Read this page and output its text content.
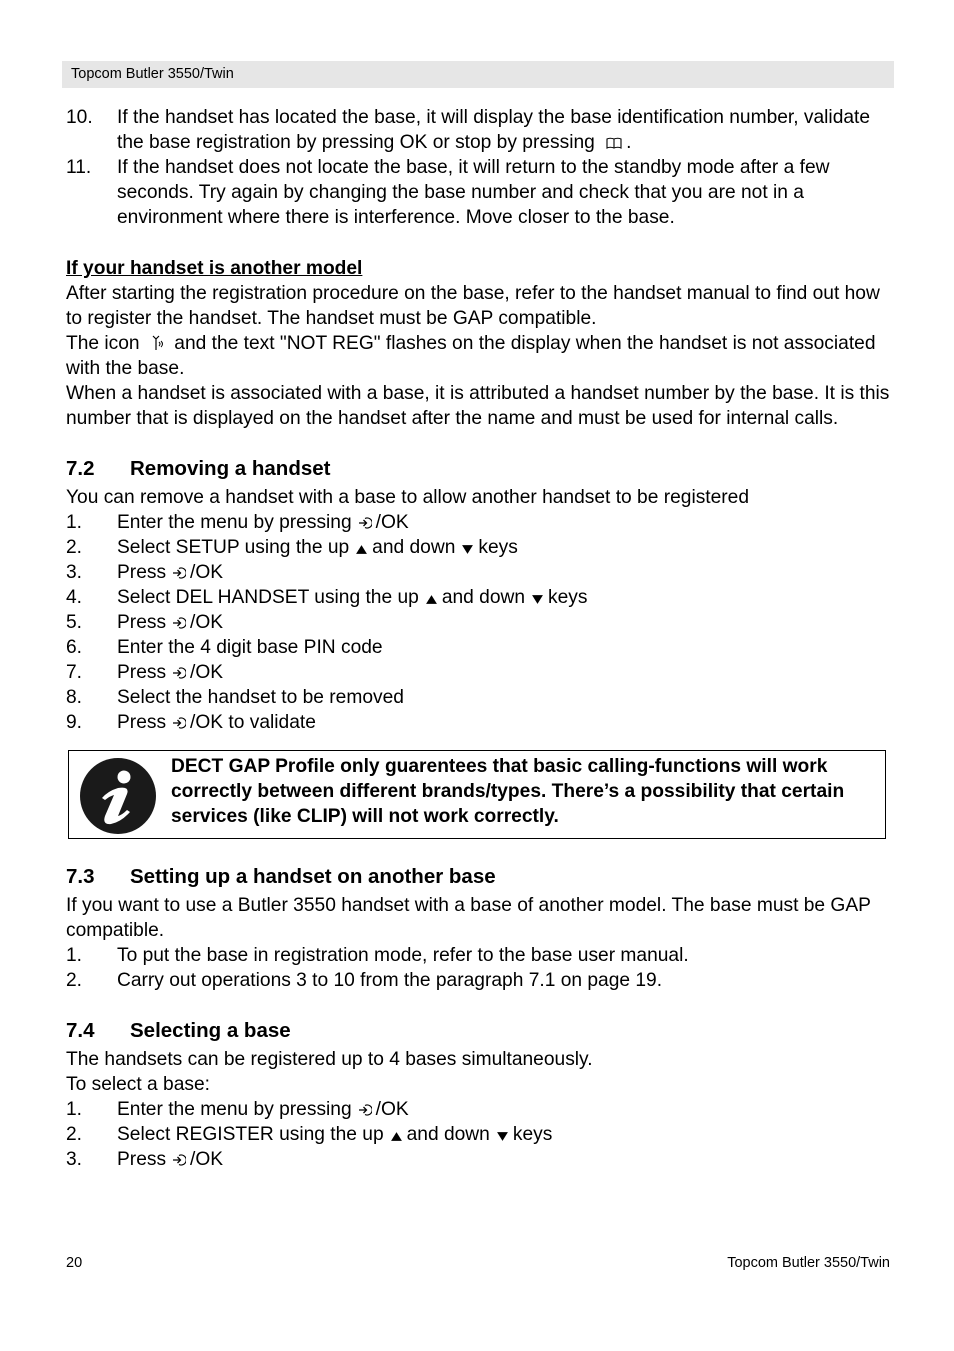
Topcom Butler 3550/Twin
10. If the handset has located the base, it will display the base identification number, validate the base registration by pressing OK or stop by pressing .
11. If the handset does not locate the base, it will return to the standby mode after a few seconds. Try again by changing the base number and check that you are not in a environment where there is interference. Move closer to the base.

If your handset is another model

After starting the registration procedure on the base, refer to the handset manual to find out how to register the handset. The handset must be GAP compatible.

The icon and the text "NOT REG" flashes on the display when the handset is not associated with the base.

When a handset is associated with a base, it is attributed a handset number by the base. It is this number that is displayed on the handset after the name and must be used for internal calls.

7.2 Removing a handset

You can remove a handset with a base to allow another handset to be registered

1. Enter the menu by pressing /OK
2. Select SETUP using the up and down keys
3. Press /OK
4. Select DEL HANDSET using the up and down keys
5. Press /OK
6. Enter the 4 digit base PIN code
7. Press /OK
8. Select the handset to be removed
9. Press /OK to validate
DECT GAP Profile only guarentees that basic calling-functions will work correctly between different brands/types. There’s a possibility that certain services (like CLIP) will not work correctly.
7.3 Setting up a handset on another base

If you want to use a Butler 3550 handset with a base of another model. The base must be GAP compatible.

1. To put the base in registration mode, refer to the base user manual.
2. Carry out operations 3 to 10 from the paragraph 7.1 on page 19.
7.4 Selecting a base

The handsets can be registered up to 4 bases simultaneously.

To select a base:

1. Enter the menu by pressing /OK
2. Select REGISTER using the up and down keys
3. Press /OK
20	Topcom Butler 3550/Twin
